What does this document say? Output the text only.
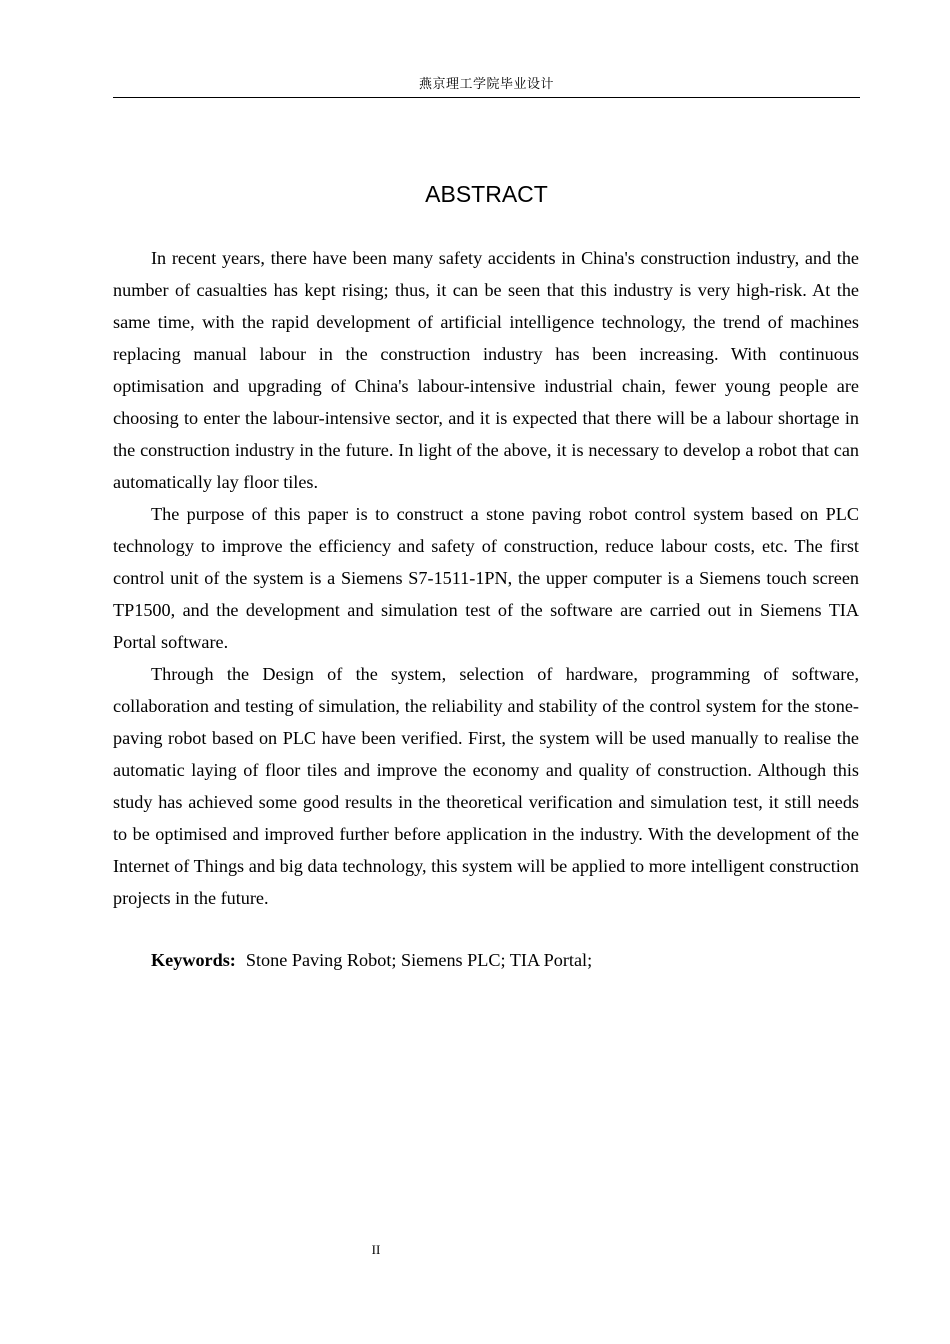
燕京理工学院毕业设计
ABSTRACT

In recent years, there have been many safety accidents in China's construction industry, and the number of casualties has kept rising; thus, it can be seen that this industry is very high-risk. At the same time, with the rapid development of artificial intelligence technology, the trend of machines replacing manual labour in the construction industry has been increasing. With continuous optimisation and upgrading of China's labour-intensive industrial chain, fewer young people are choosing to enter the labour-intensive sector, and it is expected that there will be a labour shortage in the construction industry in the future. In light of the above, it is necessary to develop a robot that can automatically lay floor tiles.

The purpose of this paper is to construct a stone paving robot control system based on PLC technology to improve the efficiency and safety of construction, reduce labour costs, etc. The first control unit of the system is a Siemens S7-1511-1PN, the upper computer is a Siemens touch screen TP1500, and the development and simulation test of the software are carried out in Siemens TIA Portal software.

Through the Design of the system, selection of hardware, programming of software, collaboration and testing of simulation, the reliability and stability of the control system for the stone-paving robot based on PLC have been verified. First, the system will be used manually to realise the automatic laying of floor tiles and improve the economy and quality of construction. Although this study has achieved some good results in the theoretical verification and simulation test, it still needs to be optimised and improved further before application in the industry. With the development of the Internet of Things and big data technology, this system will be applied to more intelligent construction projects in the future.

Keywords: Stone Paving Robot; Siemens PLC; TIA Portal;
II
